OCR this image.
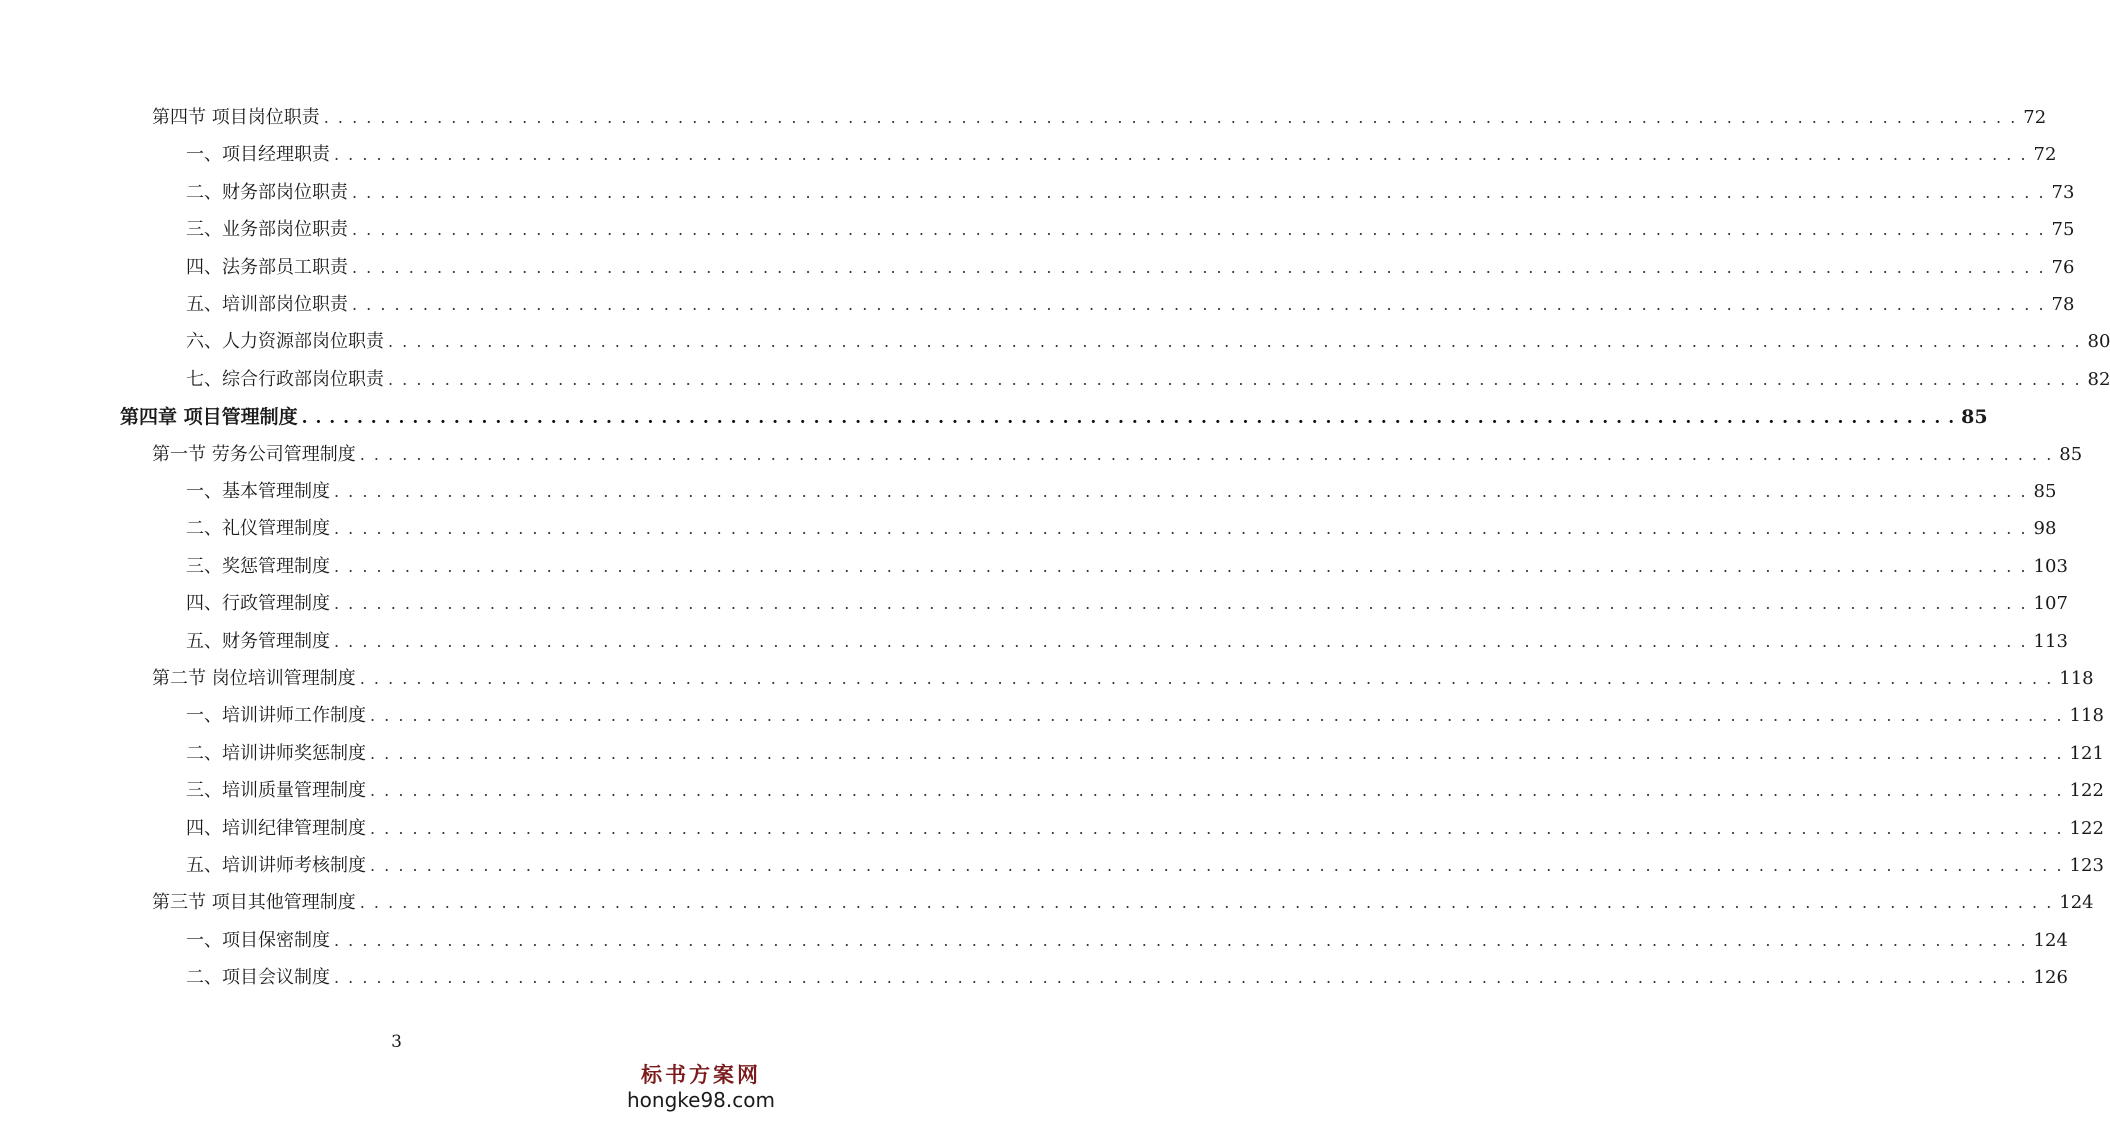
第四节 项目岗位职责 . . . . . . . . . . . . . . . . . . . . . . . . . . . . . . . . . . . . . . . . . . . . . . . . . . . . . . . . . . . . . . . . . . . . . . . . . . . . . . . . . . . . . . . . . . . . . . . . . . . . . . . . . . . . . . . . . . . . . . . . 72
一、项目经理职责 . . . . . . . . . . . . . . . . . . . . . . . . . . . . . . . . . . . . . . . . . . . . . . . . . . . . . . . . . . . . . . . . . . . . . . . . . . . . . . . . . . . . . . . . . . . . . . . . . . . . . . . . . . . . . . . . . . . . . . . . 72
二、财务部岗位职责 . . . . . . . . . . . . . . . . . . . . . . . . . . . . . . . . . . . . . . . . . . . . . . . . . . . . . . . . . . . . . . . . . . . . . . . . . . . . . . . . . . . . . . . . . . . . . . . . . . . . . . . . . . . . . . . . . . . . . . . . 73
三、业务部岗位职责 . . . . . . . . . . . . . . . . . . . . . . . . . . . . . . . . . . . . . . . . . . . . . . . . . . . . . . . . . . . . . . . . . . . . . . . . . . . . . . . . . . . . . . . . . . . . . . . . . . . . . . . . . . . . . . . . . . . . . . . . 75
四、法务部员工职责 . . . . . . . . . . . . . . . . . . . . . . . . . . . . . . . . . . . . . . . . . . . . . . . . . . . . . . . . . . . . . . . . . . . . . . . . . . . . . . . . . . . . . . . . . . . . . . . . . . . . . . . . . . . . . . . . . . . . . . . . 76
五、培训部岗位职责 . . . . . . . . . . . . . . . . . . . . . . . . . . . . . . . . . . . . . . . . . . . . . . . . . . . . . . . . . . . . . . . . . . . . . . . . . . . . . . . . . . . . . . . . . . . . . . . . . . . . . . . . . . . . . . . . . . . . . . . . 78
六、人力资源部岗位职责 . . . . . . . . . . . . . . . . . . . . . . . . . . . . . . . . . . . . . . . . . . . . . . . . . . . . . . . . . . . . . . . . . . . . . . . . . . . . . . . . . . . . . . . . . . . . . . . . . . . . . . . . . . . . . . . . . . . . . . . . 80
七、综合行政部岗位职责 . . . . . . . . . . . . . . . . . . . . . . . . . . . . . . . . . . . . . . . . . . . . . . . . . . . . . . . . . . . . . . . . . . . . . . . . . . . . . . . . . . . . . . . . . . . . . . . . . . . . . . . . . . . . . . . . . . . . . . . . 82
第四章 项目管理制度 . . . . . . . . . . . . . . . . . . . . . . . . . . . . . . . . . . . . . . . . . . . . . . . . . . . . . . . . . . . . . . . . . . . . . . . . . . . . . . . . . . . . . . . . . . . . . . . . . . . . . . . . . . . . . . . . . . . . . . . . 85
第一节 劳务公司管理制度 . . . . . . . . . . . . . . . . . . . . . . . . . . . . . . . . . . . . . . . . . . . . . . . . . . . . . . . . . . . . . . . . . . . . . . . . . . . . . . . . . . . . . . . . . . . . . . . . . . . . . . . . . . . . . . . . . . . . . . . . 85
一、基本管理制度 . . . . . . . . . . . . . . . . . . . . . . . . . . . . . . . . . . . . . . . . . . . . . . . . . . . . . . . . . . . . . . . . . . . . . . . . . . . . . . . . . . . . . . . . . . . . . . . . . . . . . . . . . . . . . . . . . . . . . . . . 85
二、礼仪管理制度 . . . . . . . . . . . . . . . . . . . . . . . . . . . . . . . . . . . . . . . . . . . . . . . . . . . . . . . . . . . . . . . . . . . . . . . . . . . . . . . . . . . . . . . . . . . . . . . . . . . . . . . . . . . . . . . . . . . . . . . . 98
三、奖惩管理制度 . . . . . . . . . . . . . . . . . . . . . . . . . . . . . . . . . . . . . . . . . . . . . . . . . . . . . . . . . . . . . . . . . . . . . . . . . . . . . . . . . . . . . . . . . . . . . . . . . . . . . . . . . . . . . . . . . . . . . . . . 103
四、行政管理制度 . . . . . . . . . . . . . . . . . . . . . . . . . . . . . . . . . . . . . . . . . . . . . . . . . . . . . . . . . . . . . . . . . . . . . . . . . . . . . . . . . . . . . . . . . . . . . . . . . . . . . . . . . . . . . . . . . . . . . . . . 107
五、财务管理制度 . . . . . . . . . . . . . . . . . . . . . . . . . . . . . . . . . . . . . . . . . . . . . . . . . . . . . . . . . . . . . . . . . . . . . . . . . . . . . . . . . . . . . . . . . . . . . . . . . . . . . . . . . . . . . . . . . . . . . . . . 113
第二节 岗位培训管理制度 . . . . . . . . . . . . . . . . . . . . . . . . . . . . . . . . . . . . . . . . . . . . . . . . . . . . . . . . . . . . . . . . . . . . . . . . . . . . . . . . . . . . . . . . . . . . . . . . . . . . . . . . . . . . . . . . . . . . . . . . 118
一、培训讲师工作制度 . . . . . . . . . . . . . . . . . . . . . . . . . . . . . . . . . . . . . . . . . . . . . . . . . . . . . . . . . . . . . . . . . . . . . . . . . . . . . . . . . . . . . . . . . . . . . . . . . . . . . . . . . . . . . . . . . . . . . . . . 118
二、培训讲师奖惩制度 . . . . . . . . . . . . . . . . . . . . . . . . . . . . . . . . . . . . . . . . . . . . . . . . . . . . . . . . . . . . . . . . . . . . . . . . . . . . . . . . . . . . . . . . . . . . . . . . . . . . . . . . . . . . . . . . . . . . . . . . 121
三、培训质量管理制度 . . . . . . . . . . . . . . . . . . . . . . . . . . . . . . . . . . . . . . . . . . . . . . . . . . . . . . . . . . . . . . . . . . . . . . . . . . . . . . . . . . . . . . . . . . . . . . . . . . . . . . . . . . . . . . . . . . . . . . . . 122
四、培训纪律管理制度 . . . . . . . . . . . . . . . . . . . . . . . . . . . . . . . . . . . . . . . . . . . . . . . . . . . . . . . . . . . . . . . . . . . . . . . . . . . . . . . . . . . . . . . . . . . . . . . . . . . . . . . . . . . . . . . . . . . . . . . . 122
五、培训讲师考核制度 . . . . . . . . . . . . . . . . . . . . . . . . . . . . . . . . . . . . . . . . . . . . . . . . . . . . . . . . . . . . . . . . . . . . . . . . . . . . . . . . . . . . . . . . . . . . . . . . . . . . . . . . . . . . . . . . . . . . . . . . 123
第三节 项目其他管理制度 . . . . . . . . . . . . . . . . . . . . . . . . . . . . . . . . . . . . . . . . . . . . . . . . . . . . . . . . . . . . . . . . . . . . . . . . . . . . . . . . . . . . . . . . . . . . . . . . . . . . . . . . . . . . . . . . . . . . . . . . 124
一、项目保密制度 . . . . . . . . . . . . . . . . . . . . . . . . . . . . . . . . . . . . . . . . . . . . . . . . . . . . . . . . . . . . . . . . . . . . . . . . . . . . . . . . . . . . . . . . . . . . . . . . . . . . . . . . . . . . . . . . . . . . . . . . 124
二、项目会议制度 . . . . . . . . . . . . . . . . . . . . . . . . . . . . . . . . . . . . . . . . . . . . . . . . . . . . . . . . . . . . . . . . . . . . . . . . . . . . . . . . . . . . . . . . . . . . . . . . . . . . . . . . . . . . . . . . . . . . . . . . 126
3
标书方案网
hongke98.com
